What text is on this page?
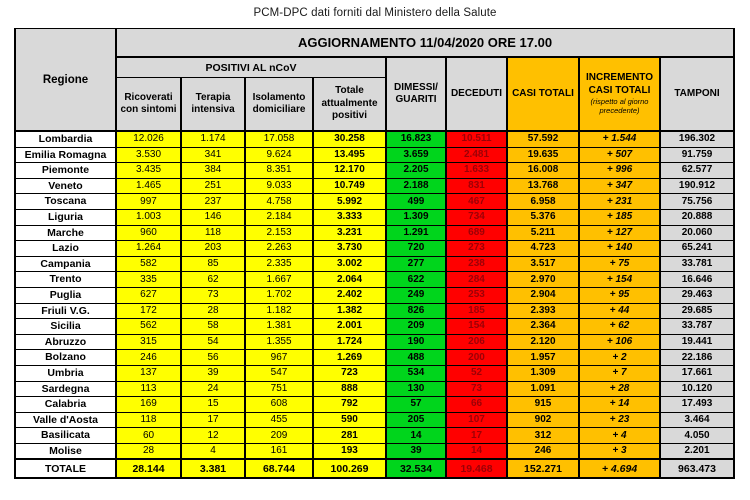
PCM-DPC dati forniti dal Ministero della Salute
Regione	AGGIORNAMENTO 11/04/2020 ORE 17.00								
	POSITIVI AL nCoV				DIMESSI/ GUARITI	DECEDUTI	CASI TOTALI	INCREMENTO CASI TOTALI
(rispetto al giorno precedente)	TAMPONI
	Ricoverati con sintomi	Terapia intensiva	Isolamento domiciliare	Totale attualmente positivi					
Lombardia	12.026	1.174	17.058	30.258	16.823	10.511	57.592	+ 1.544	196.302
Emilia Romagna	3.530	341	9.624	13.495	3.659	2.481	19.635	+ 507	91.759
Piemonte	3.435	384	8.351	12.170	2.205	1.633	16.008	+ 996	62.577
Veneto	1.465	251	9.033	10.749	2.188	831	13.768	+ 347	190.912
Toscana	997	237	4.758	5.992	499	467	6.958	+ 231	75.756
Liguria	1.003	146	2.184	3.333	1.309	734	5.376	+ 185	20.888
Marche	960	118	2.153	3.231	1.291	689	5.211	+ 127	20.060
Lazio	1.264	203	2.263	3.730	720	273	4.723	+ 140	65.241
Campania	582	85	2.335	3.002	277	238	3.517	+ 75	33.781
Trento	335	62	1.667	2.064	622	284	2.970	+ 154	16.646
Puglia	627	73	1.702	2.402	249	253	2.904	+ 95	29.463
Friuli V.G.	172	28	1.182	1.382	826	185	2.393	+ 44	29.685
Sicilia	562	58	1.381	2.001	209	154	2.364	+ 62	33.787
Abruzzo	315	54	1.355	1.724	190	206	2.120	+ 106	19.441
Bolzano	246	56	967	1.269	488	200	1.957	+ 2	22.186
Umbria	137	39	547	723	534	52	1.309	+ 7	17.661
Sardegna	113	24	751	888	130	73	1.091	+ 28	10.120
Calabria	169	15	608	792	57	66	915	+ 14	17.493
Valle d'Aosta	118	17	455	590	205	107	902	+ 23	3.464
Basilicata	60	12	209	281	14	17	312	+ 4	4.050
Molise	28	4	161	193	39	14	246	+ 3	2.201
TOTALE	28.144	3.381	68.744	100.269	32.534	19.468	152.271	+ 4.694	963.473
